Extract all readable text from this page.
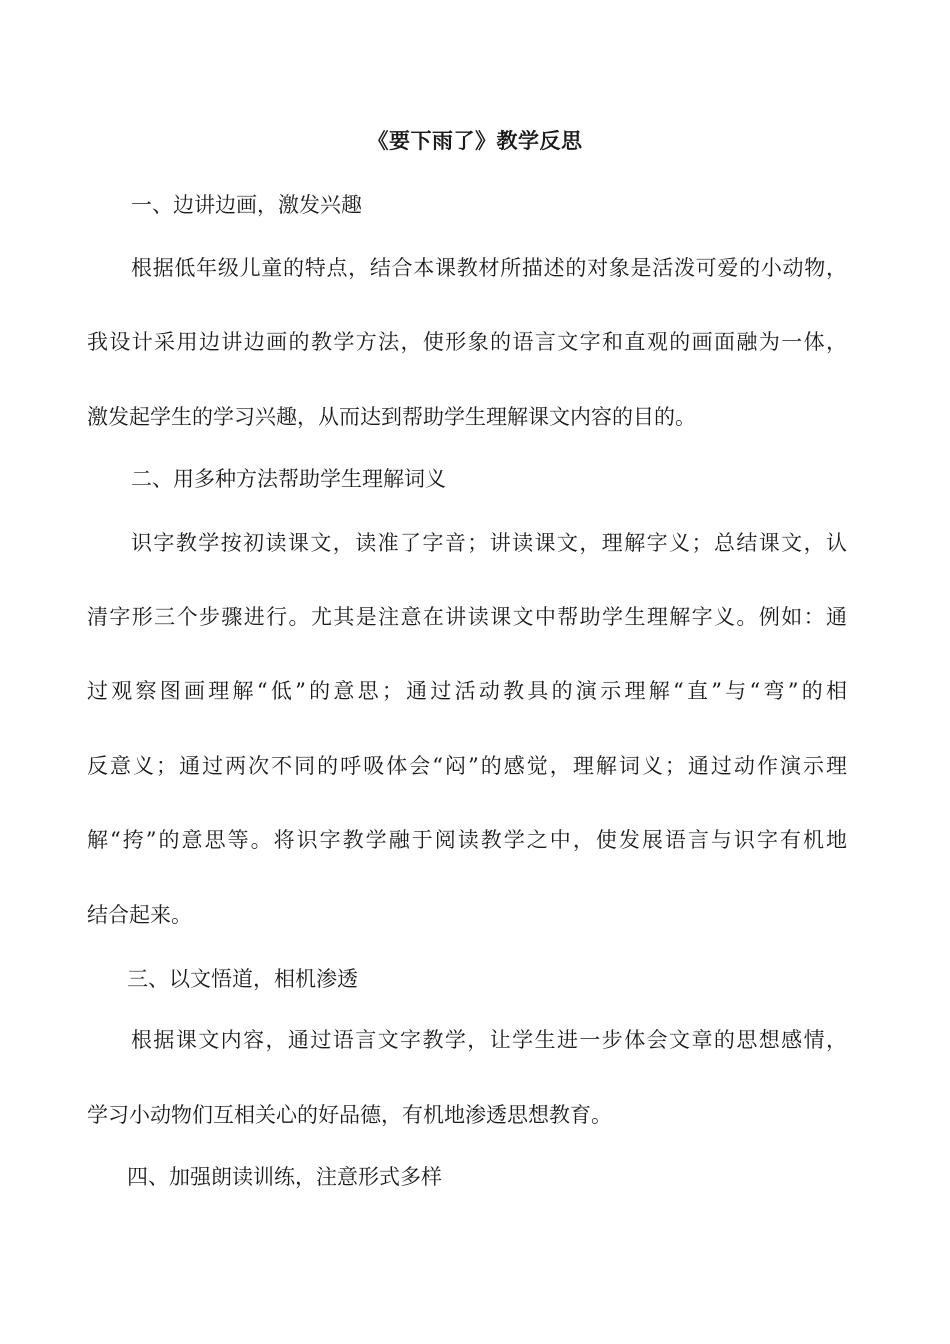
《要下雨了》教学反思
一、边讲边画，激发兴趣
根据低年级儿童的特点，结合本课教材所描述的对象是活泼可爱的小动物，
我设计采用边讲边画的教学方法，使形象的语言文字和直观的画面融为一体，
激发起学生的学习兴趣，从而达到帮助学生理解课文内容的目的。
二、用多种方法帮助学生理解词义
识字教学按初读课文，读准了字音；讲读课文，理解字义；总结课文，认
清字形三个步骤进行。尤其是注意在讲读课文中帮助学生理解字义。例如：通
过观察图画理解“低”的意思；通过活动教具的演示理解“直”与“弯”的相
反意义；通过两次不同的呼吸体会“闷”的感觉，理解词义；通过动作演示理
解“挎”的意思等。将识字教学融于阅读教学之中，使发展语言与识字有机地
结合起来。
三、以文悟道，相机渗透
根据课文内容，通过语言文字教学，让学生进一步体会文章的思想感情，
学习小动物们互相关心的好品德，有机地渗透思想教育。
四、加强朗读训练，注意形式多样
